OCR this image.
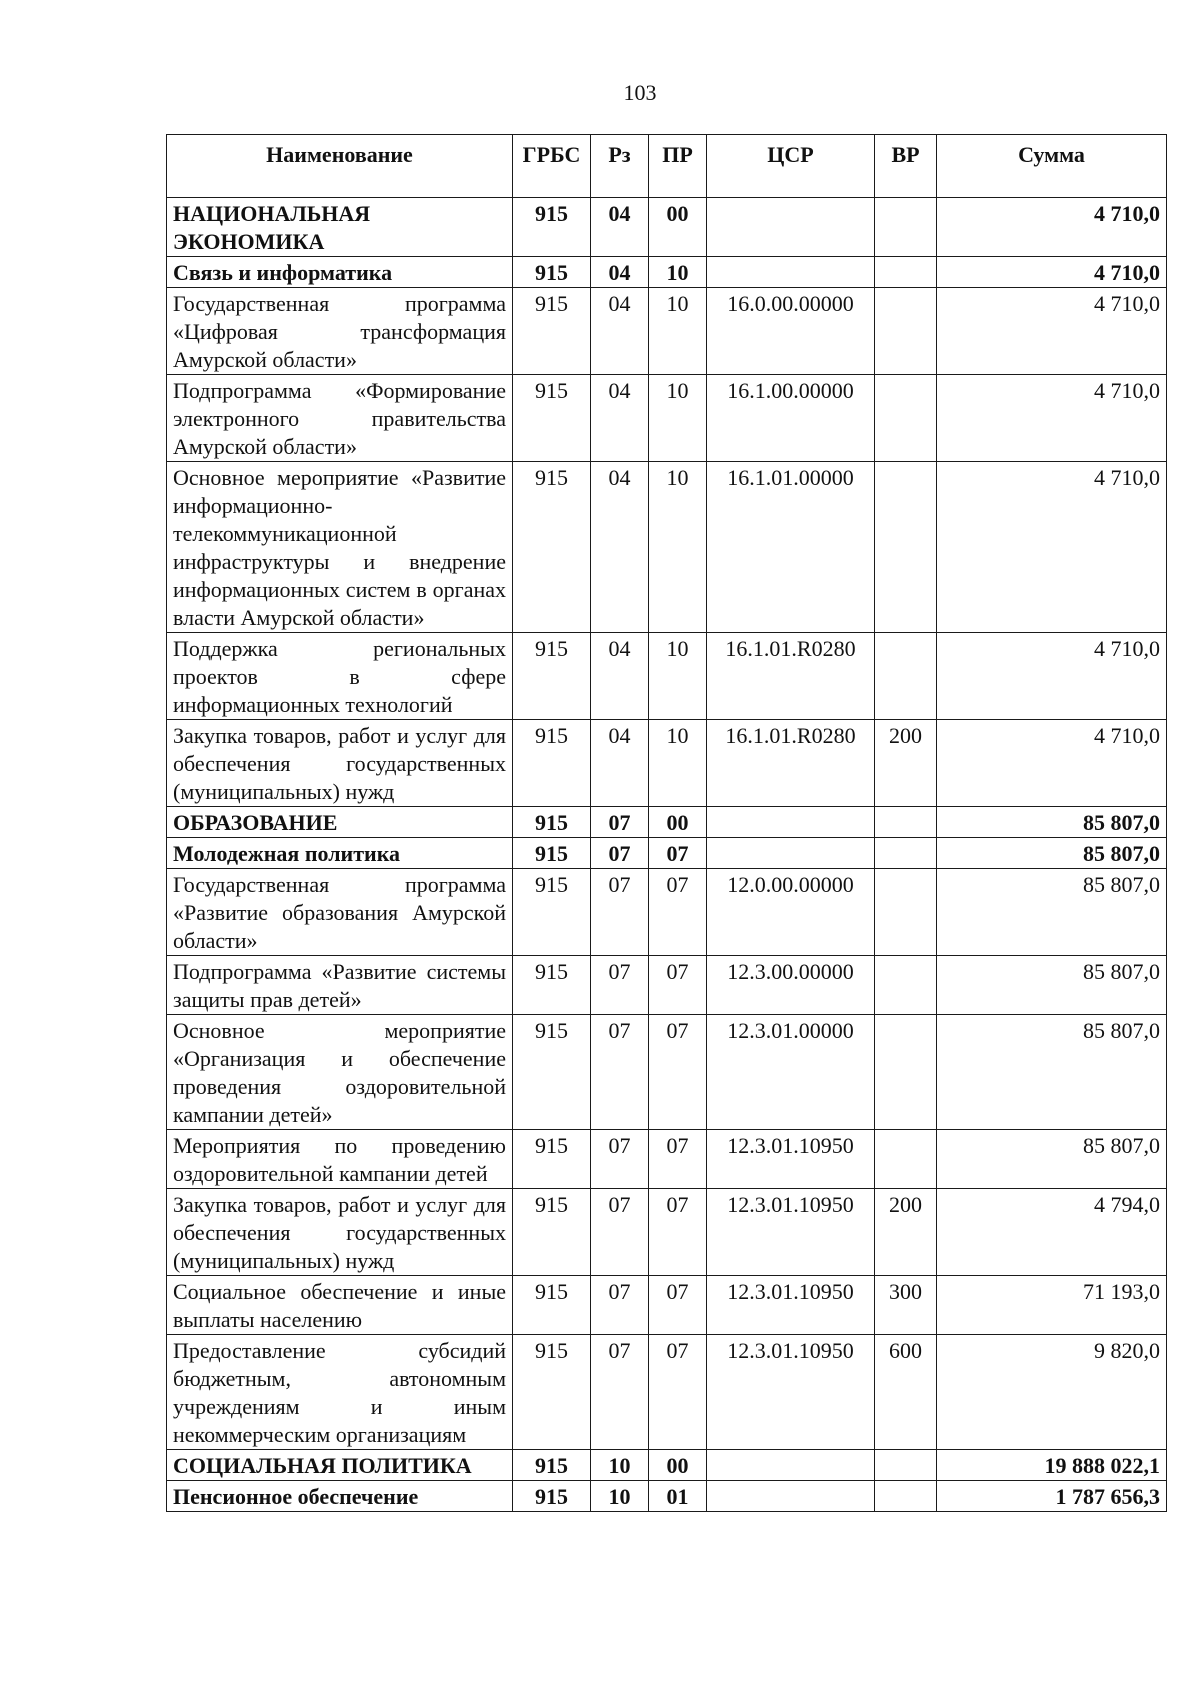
103
Наименование	ГРБС	Рз	ПР	ЦСР	ВР	Сумма
НАЦИОНАЛЬНАЯ ЭКОНОМИКА	915	04	00			4 710,0
Связь и информатика	915	04	10			4 710,0
Государственная программа «Цифровая трансформация Амурской области»	915	04	10	16.0.00.00000		4 710,0
Подпрограмма «Формирование электронного правительства Амурской области»	915	04	10	16.1.00.00000		4 710,0
Основное мероприятие «Развитие информационно-телекоммуникационной инфраструктуры и внедрение информационных систем в органах власти Амурской области»	915	04	10	16.1.01.00000		4 710,0
Поддержка региональных проектов в сфере информационных технологий	915	04	10	16.1.01.R0280		4 710,0
Закупка товаров, работ и услуг для обеспечения государственных (муниципальных) нужд	915	04	10	16.1.01.R0280	200	4 710,0
ОБРАЗОВАНИЕ	915	07	00			85 807,0
Молодежная политика	915	07	07			85 807,0
Государственная программа «Развитие образования Амурской области»	915	07	07	12.0.00.00000		85 807,0
Подпрограмма «Развитие системы защиты прав детей»	915	07	07	12.3.00.00000		85 807,0
Основное мероприятие «Организация и обеспечение проведения оздоровительной кампании детей»	915	07	07	12.3.01.00000		85 807,0
Мероприятия по проведению оздоровительной кампании детей	915	07	07	12.3.01.10950		85 807,0
Закупка товаров, работ и услуг для обеспечения государственных (муниципальных) нужд	915	07	07	12.3.01.10950	200	4 794,0
Социальное обеспечение и иные выплаты населению	915	07	07	12.3.01.10950	300	71 193,0
Предоставление субсидий бюджетным, автономным учреждениям и иным некоммерческим организациям	915	07	07	12.3.01.10950	600	9 820,0
СОЦИАЛЬНАЯ ПОЛИТИКА	915	10	00			19 888 022,1
Пенсионное обеспечение	915	10	01			1 787 656,3
